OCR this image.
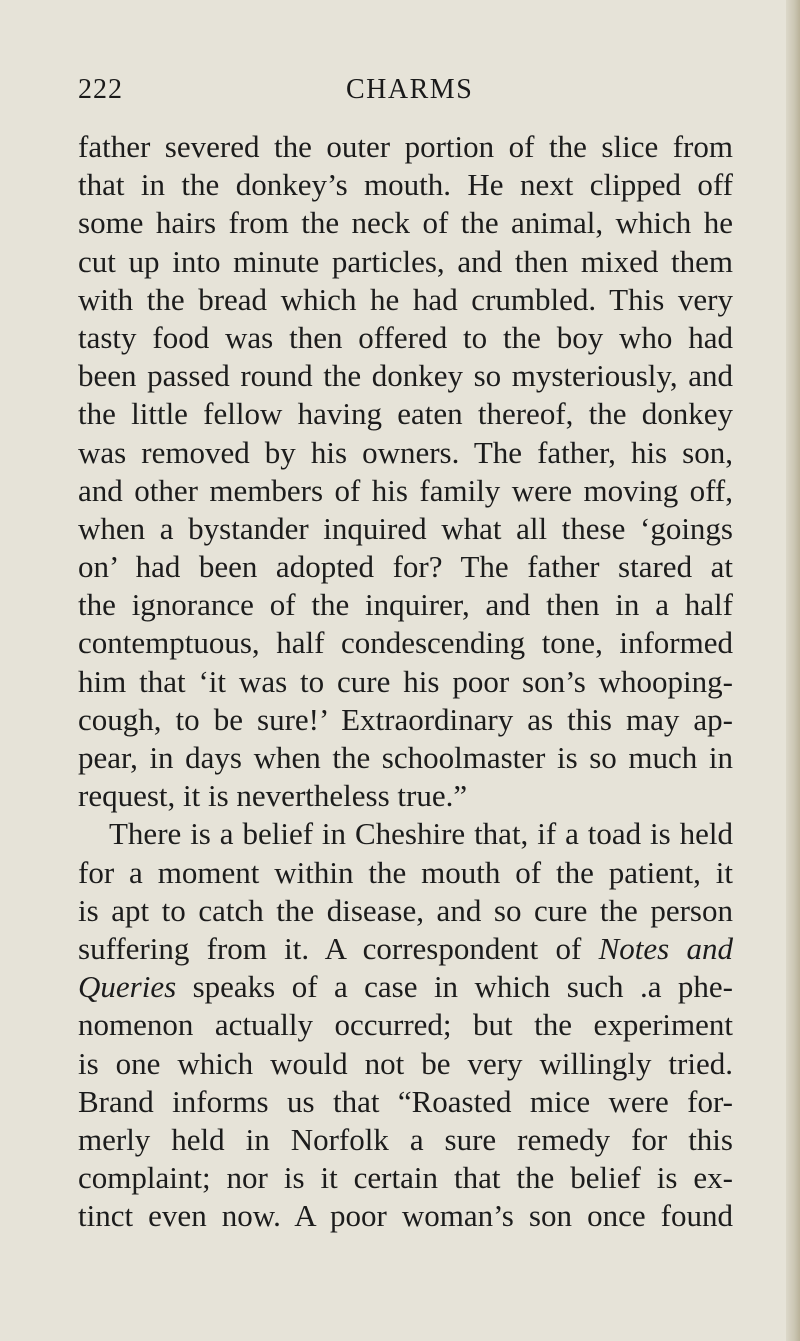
222	CHARMS
father severed the outer portion of the slice from
that in the donkey’s mouth. He next clipped off
some hairs from the neck of the animal, which he
cut up into minute particles, and then mixed them
with the bread which he had crumbled. This very
tasty food was then offered to the boy who had
been passed round the donkey so mysteriously, and
the little fellow having eaten thereof, the donkey
was removed by his owners. The father, his son,
and other members of his family were moving off,
when a bystander inquired what all these ‘goings
on’ had been adopted for? The father stared at
the ignorance of the inquirer, and then in a half
contemptuous, half condescending tone, informed
him that ‘it was to cure his poor son’s whooping-
cough, to be sure!’ Extraordinary as this may ap-
pear, in days when the schoolmaster is so much in
request, it is nevertheless true.”
There is a belief in Cheshire that, if a toad is held
for a moment within the mouth of the patient, it
is apt to catch the disease, and so cure the person
suffering from it. A correspondent of Notes and
Queries speaks of a case in which such .a phe-
nomenon actually occurred; but the experiment
is one which would not be very willingly tried.
Brand informs us that “Roasted mice were for-
merly held in Norfolk a sure remedy for this
complaint; nor is it certain that the belief is ex-
tinct even now. A poor woman’s son once found
